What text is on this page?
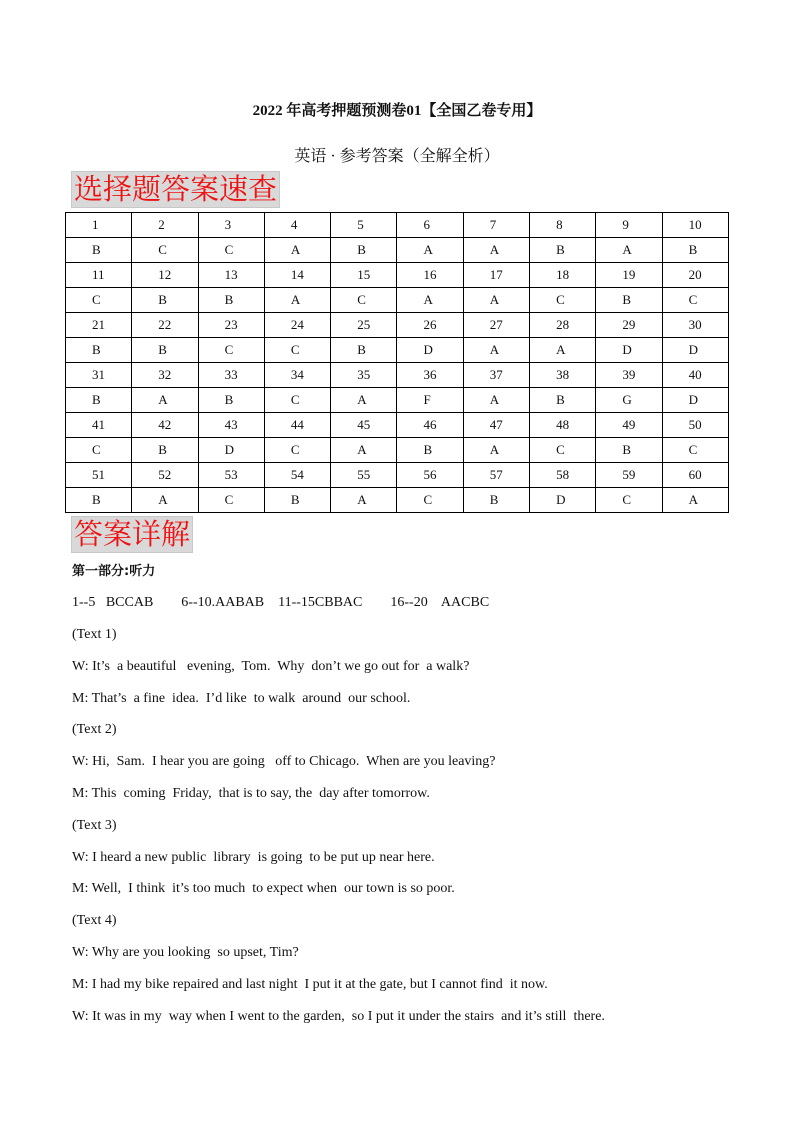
2022 年高考押题预测卷01【全国乙卷专用】
英语 · 参考答案（全解全析）
选择题答案速查
1	2	3	4	5	6	7	8	9	10
B	C	C	A	B	A	A	B	A	B
11	12	13	14	15	16	17	18	19	20
C	B	B	A	C	A	A	C	B	C
21	22	23	24	25	26	27	28	29	30
B	B	C	C	B	D	A	A	D	D
31	32	33	34	35	36	37	38	39	40
B	A	B	C	A	F	A	B	G	D
41	42	43	44	45	46	47	48	49	50
C	B	D	C	A	B	A	C	B	C
51	52	53	54	55	56	57	58	59	60
B	A	C	B	A	C	B	D	C	A
答案详解
第一部分:听力
1--5   BCCAB        6--10.AABAB    11--15CBBAC        16--20    AACBC
(Text 1)
W: It’s  a beautiful   evening,  Tom.  Why  don’t we go out for  a walk?
M: That’s  a fine  idea.  I’d like  to walk  around  our school.
(Text 2)
W: Hi,  Sam.  I hear you are going   off to Chicago.  When are you leaving?
M: This  coming  Friday,  that is to say, the  day after tomorrow.
(Text 3)
W: I heard a new public  library  is going  to be put up near here.
M: Well,  I think  it’s too much  to expect when  our town is so poor.
(Text 4)
W: Why are you looking  so upset, Tim?
M: I had my bike repaired and last night  I put it at the gate, but I cannot find  it now.
W: It was in my  way when I went to the garden,  so I put it under the stairs  and it’s still  there.
